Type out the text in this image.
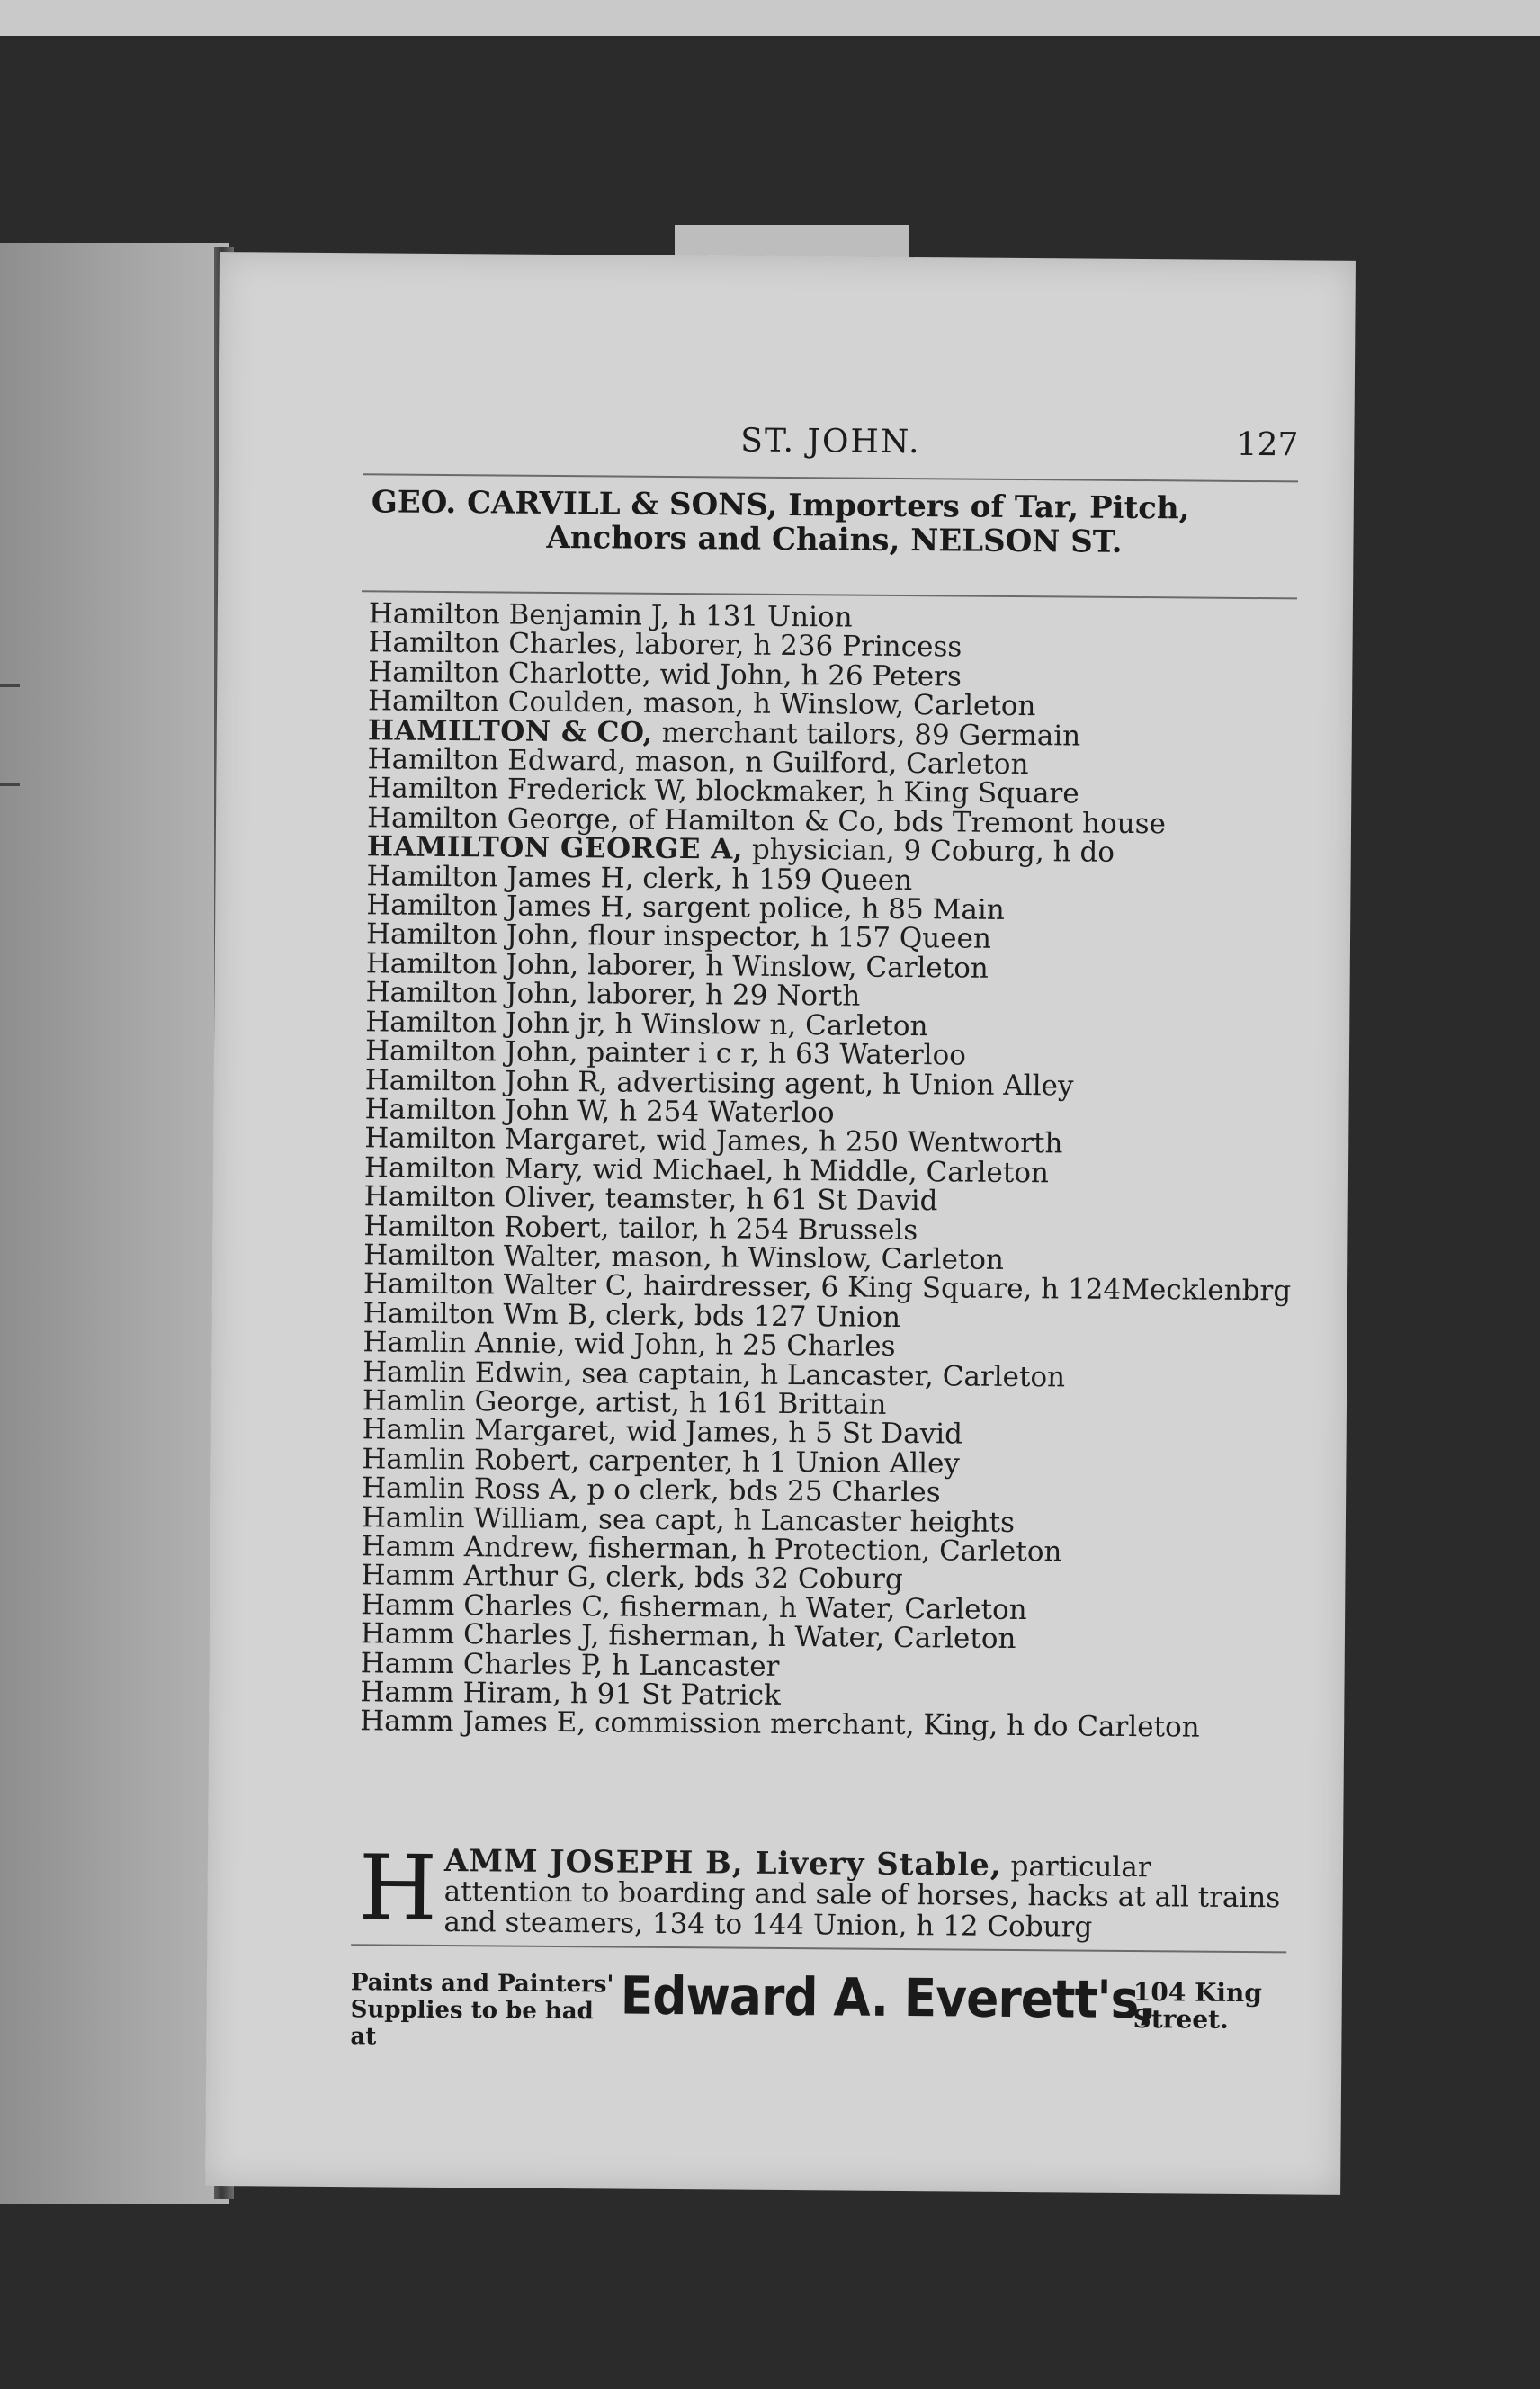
ST. JOHN.	127
GEO. CARVILL & SONS, Importers of Tar, Pitch,
Anchors and Chains, NELSON ST.
Hamilton Benjamin J, h 131 Union
Hamilton Charles, laborer, h 236 Princess
Hamilton Charlotte, wid John, h 26 Peters
Hamilton Coulden, mason, h Winslow, Carleton
HAMILTON & CO, merchant tailors, 89 Germain
Hamilton Edward, mason, n Guilford, Carleton
Hamilton Frederick W, blockmaker, h King Square
Hamilton George, of Hamilton & Co, bds Tremont house
HAMILTON GEORGE A, physician, 9 Coburg, h do
Hamilton James H, clerk, h 159 Queen
Hamilton James H, sargent police, h 85 Main
Hamilton John, flour inspector, h 157 Queen
Hamilton John, laborer, h Winslow, Carleton
Hamilton John, laborer, h 29 North
Hamilton John jr, h Winslow n, Carleton
Hamilton John, painter i c r, h 63 Waterloo
Hamilton John R, advertising agent, h Union Alley
Hamilton John W, h 254 Waterloo
Hamilton Margaret, wid James, h 250 Wentworth
Hamilton Mary, wid Michael, h Middle, Carleton
Hamilton Oliver, teamster, h 61 St David
Hamilton Robert, tailor, h 254 Brussels
Hamilton Walter, mason, h Winslow, Carleton
Hamilton Walter C, hairdresser, 6 King Square, h 124Mecklenbrg
Hamilton Wm B, clerk, bds 127 Union
Hamlin Annie, wid John, h 25 Charles
Hamlin Edwin, sea captain, h Lancaster, Carleton
Hamlin George, artist, h 161 Brittain
Hamlin Margaret, wid James, h 5 St David
Hamlin Robert, carpenter, h 1 Union Alley
Hamlin Ross A, p o clerk, bds 25 Charles
Hamlin William, sea capt, h Lancaster heights
Hamm Andrew, fisherman, h Protection, Carleton
Hamm Arthur G, clerk, bds 32 Coburg
Hamm Charles C, fisherman, h Water, Carleton
Hamm Charles J, fisherman, h Water, Carleton
Hamm Charles P, h Lancaster
Hamm Hiram, h 91 St Patrick
Hamm James E, commission merchant, King, h do Carleton
H AMM JOSEPH B, Livery Stable, particular
attention to boarding and sale of horses, hacks at all trains
and steamers, 134 to 144 Union, h 12 Coburg
Paints and Painters'
Supplies to be had at
Edward A. Everett's,
104 King
Street.
